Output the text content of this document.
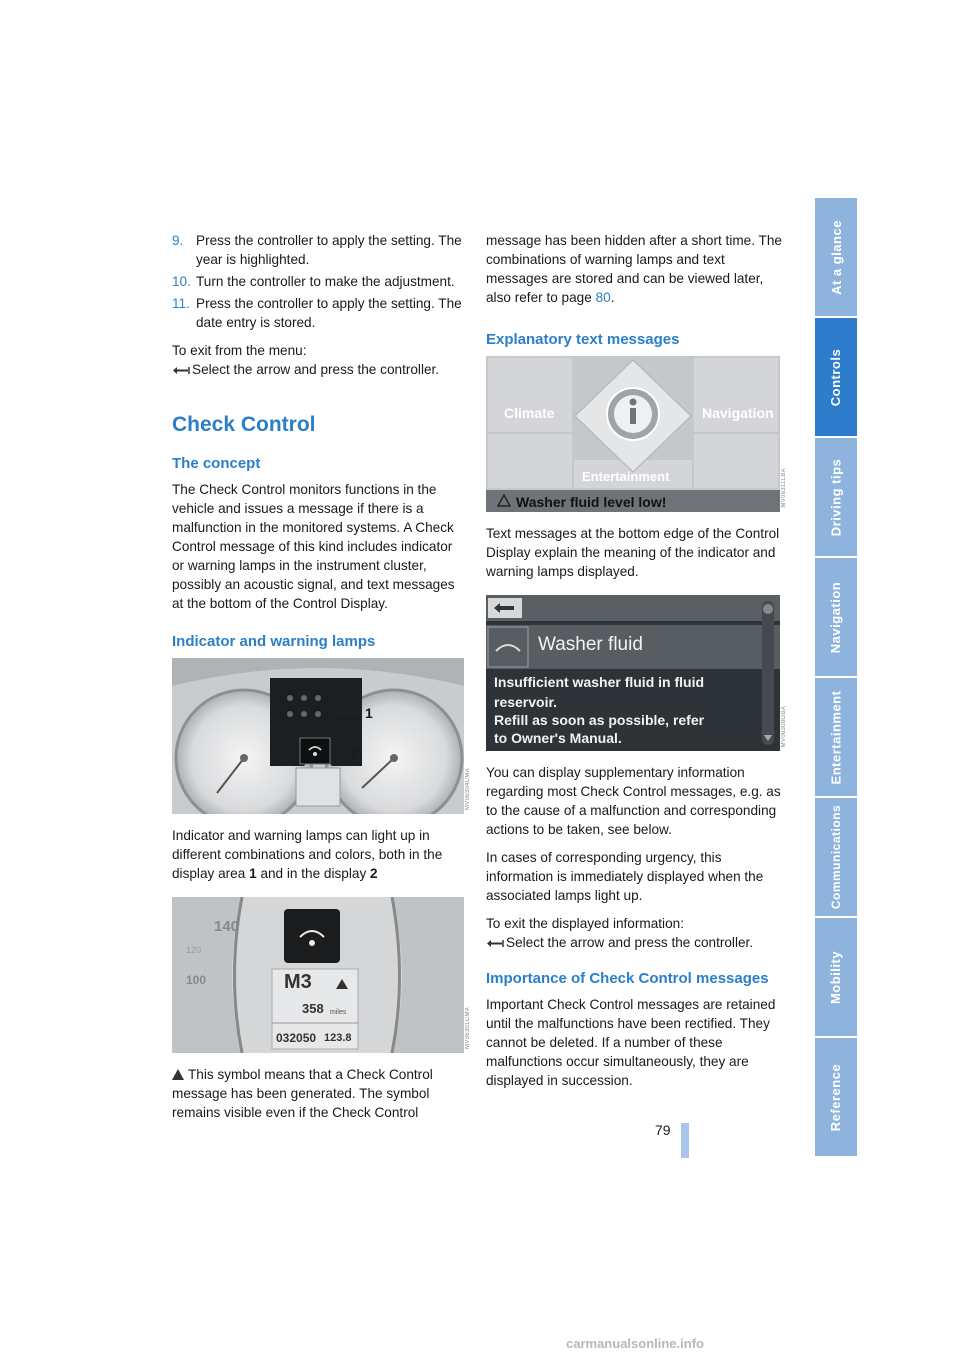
9. Press the controller to apply the setting. The year is highlighted.
10. Turn the controller to make the adjustment.
11. Press the controller to apply the setting. The date entry is stored.

To exit from the menu:
Select the arrow and press the controller.

Check Control
The concept

The Check Control monitors functions in the vehicle and issues a message if there is a malfunction in the monitored systems. A Check Control message of this kind includes indicator or warning lamps in the instrument cluster, possibly an acoustic signal, and text messages at the bottom of the Control Display.

Indicator and warning lamps
1
2
MV06304CMA

Indicator and warning lamps can light up in different combinations and colors, both in the display area 1 and in the display 2

140
120
100	M3
358 miles
032050 123.8	MV06301CMA

This symbol means that a Check Control message has been generated. The symbol remains visible even if the Check Control

message has been hidden after a short time. The combinations of warning lamps and text messages are stored and can be viewed later, also refer to page 80.

Explanatory text messages
Climate	Navigation
Entertainment
Washer fluid level low!	MV06311LBA

Text messages at the bottom edge of the Control Display explain the meaning of the indicator and warning lamps displayed.

Washer fluid
Insufficient washer fluid in fluid
reservoir.
Refill as soon as possible, refer
to Owner's Manual.	MV06308GBA

You can display supplementary information regarding most Check Control messages, e.g. as to the cause of a malfunction and corresponding actions to be taken, see below.

In cases of corresponding urgency, this information is immediately displayed when the associated lamps light up.

To exit the displayed information:
Select the arrow and press the controller.

Importance of Check Control messages

Important Check Control messages are retained until the malfunctions have been rectified. They cannot be deleted. If a number of these malfunctions occur simultaneously, they are displayed in succession.

At a glance
Controls
Driving tips
Navigation
Entertainment
Communications
Mobility
Reference
79
carmanualsonline.info
